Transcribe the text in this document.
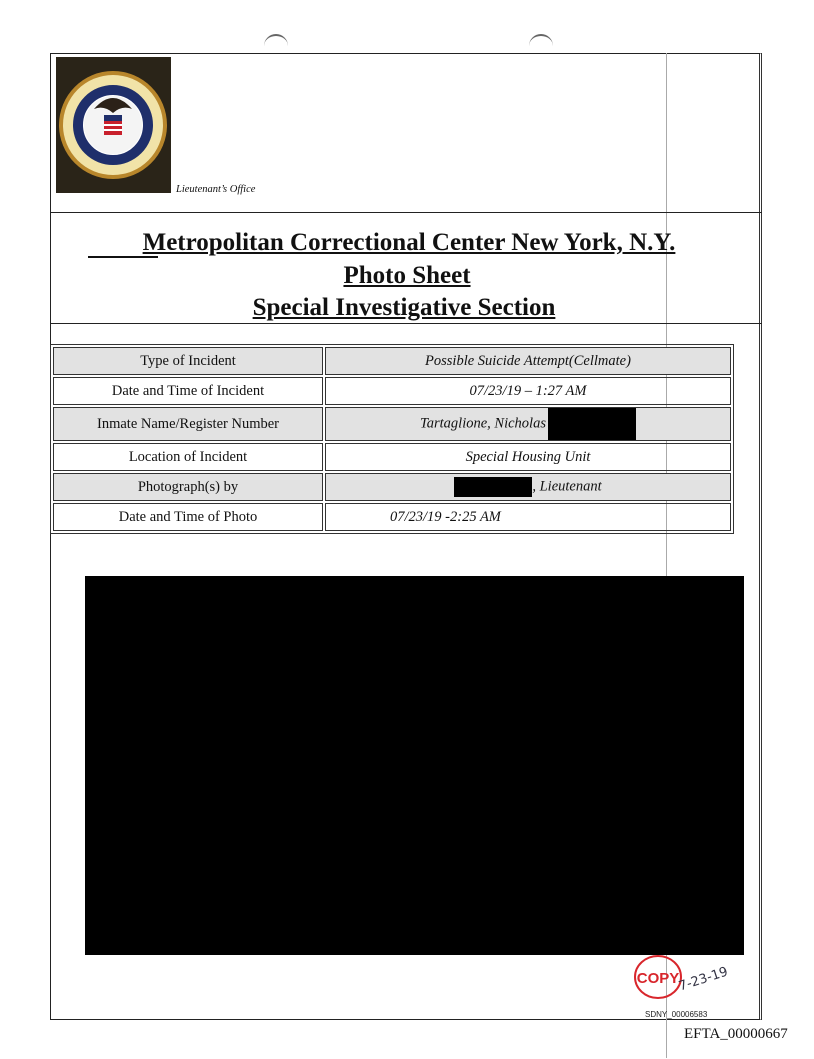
Lieutenant’s Office
Metropolitan Correctional Center New York, N.Y.
Photo Sheet
Special Investigative Section
Type of Incident	Possible Suicide Attempt(Cellmate)
Date and Time of Incident	07/23/19 – 1:27 AM
Inmate Name/Register Number	Tartaglione, Nicholas
Location of Incident	Special Housing Unit
Photograph(s) by	, Lieutenant
Date and Time of Photo	07/23/19 -2:25 AM
COPY
7-23-19
SDNY_00006583
EFTA_00000667
